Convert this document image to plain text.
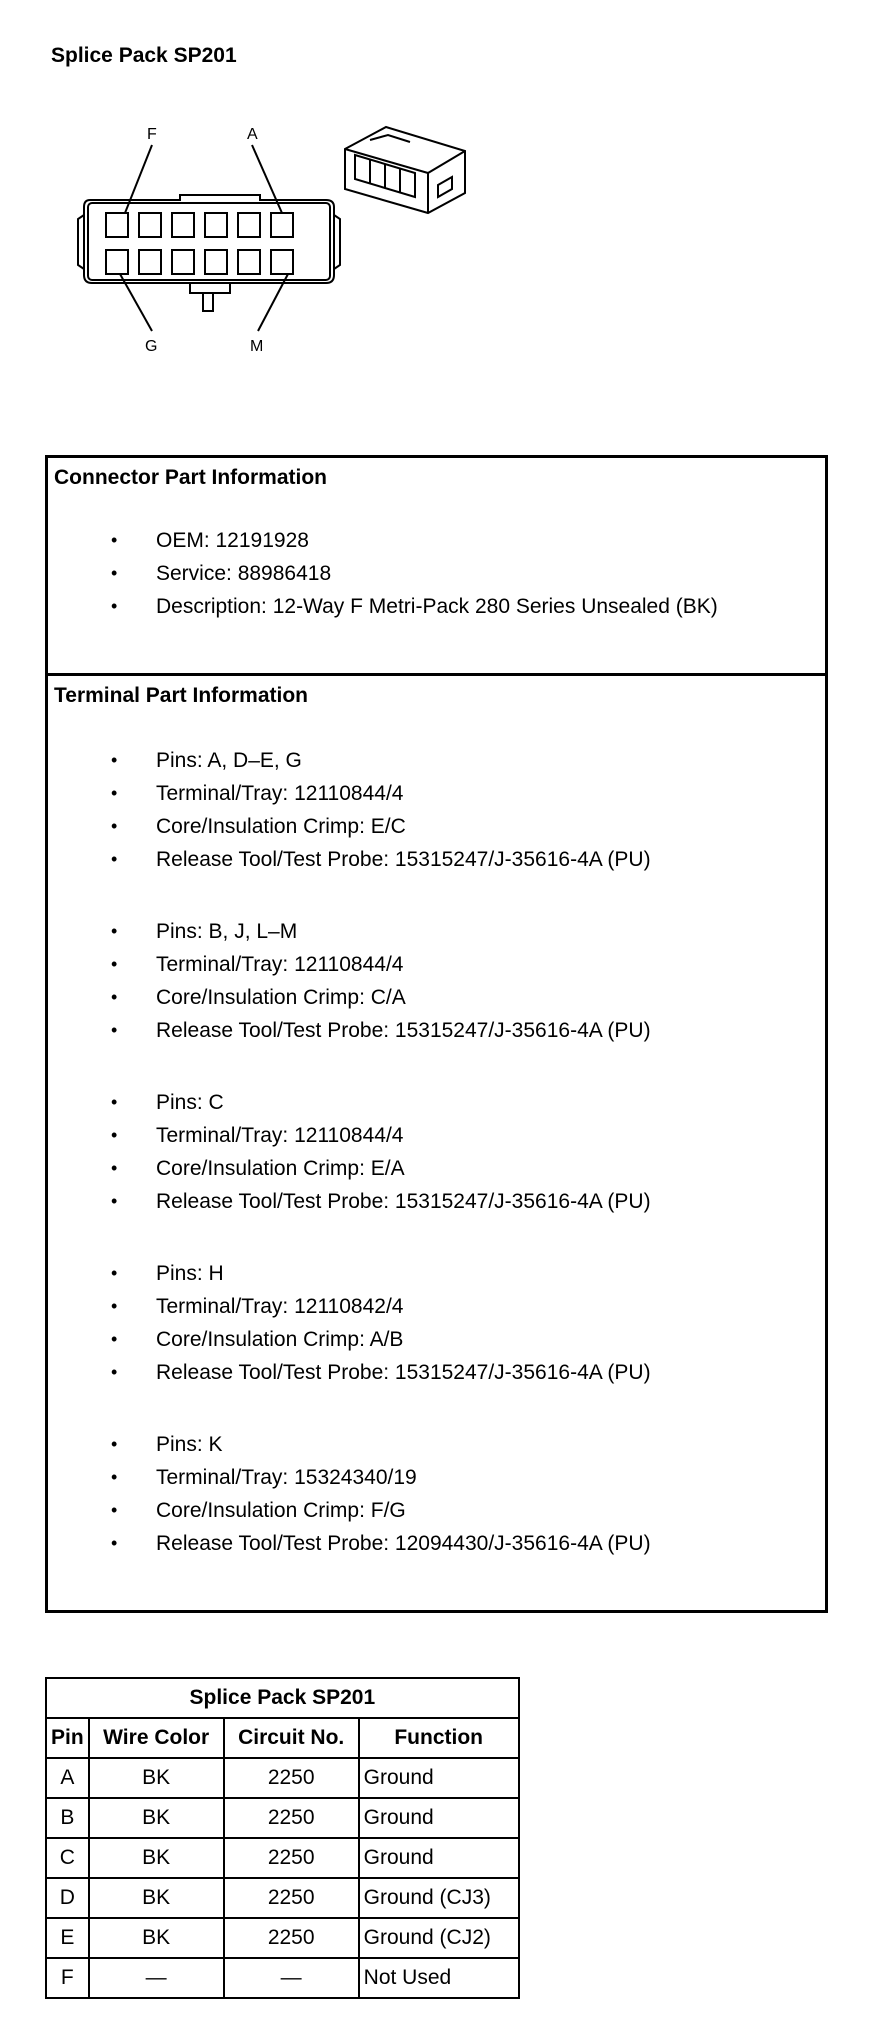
Splice Pack SP201
F	A
G	M
Connector Part Information
• OEM: 12191928
• Service: 88986418
• Description: 12-Way F Metri-Pack 280 Series Unsealed (BK)
Terminal Part Information
• Pins: A, D–E, G
• Terminal/Tray: 12110844/4
• Core/Insulation Crimp: E/C
• Release Tool/Test Probe: 15315247/J-35616-4A (PU)
• Pins: B, J, L–M
• Terminal/Tray: 12110844/4
• Core/Insulation Crimp: C/A
• Release Tool/Test Probe: 15315247/J-35616-4A (PU)
• Pins: C
• Terminal/Tray: 12110844/4
• Core/Insulation Crimp: E/A
• Release Tool/Test Probe: 15315247/J-35616-4A (PU)
• Pins: H
• Terminal/Tray: 12110842/4
• Core/Insulation Crimp: A/B
• Release Tool/Test Probe: 15315247/J-35616-4A (PU)
• Pins: K
• Terminal/Tray: 15324340/19
• Core/Insulation Crimp: F/G
• Release Tool/Test Probe: 12094430/J-35616-4A (PU)
Splice Pack SP201			
Pin	Wire Color	Circuit No.	Function
A	BK	2250	Ground
B	BK	2250	Ground
C	BK	2250	Ground
D	BK	2250	Ground (CJ3)
E	BK	2250	Ground (CJ2)
F	—	—	Not Used
